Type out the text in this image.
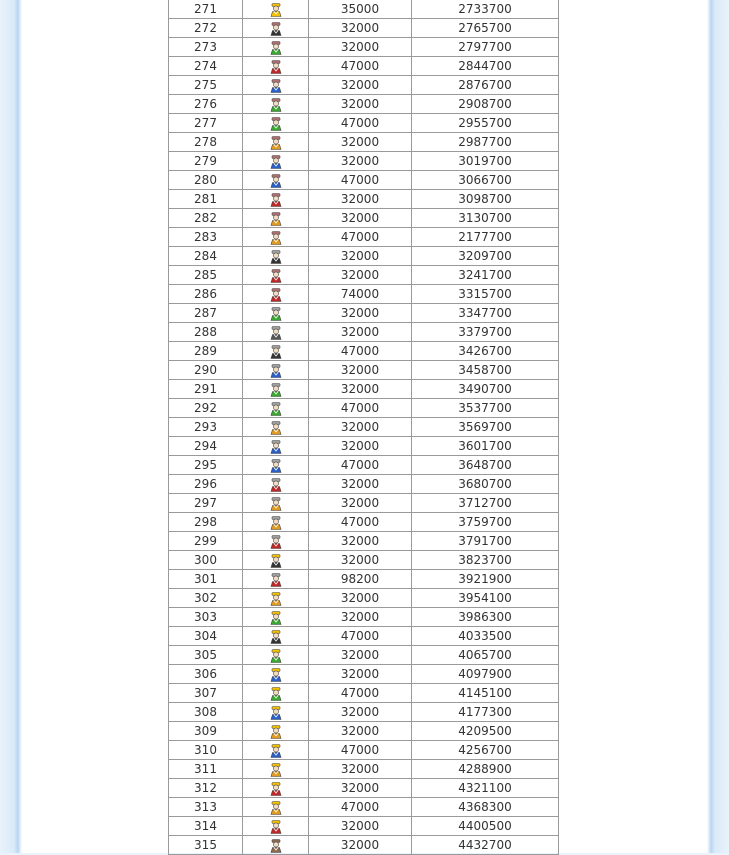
271		35000	2733700
272		32000	2765700
273		32000	2797700
274		47000	2844700
275		32000	2876700
276		32000	2908700
277		47000	2955700
278		32000	2987700
279		32000	3019700
280		47000	3066700
281		32000	3098700
282		32000	3130700
283		47000	2177700
284		32000	3209700
285		32000	3241700
286		74000	3315700
287		32000	3347700
288		32000	3379700
289		47000	3426700
290		32000	3458700
291		32000	3490700
292		47000	3537700
293		32000	3569700
294		32000	3601700
295		47000	3648700
296		32000	3680700
297		32000	3712700
298		47000	3759700
299		32000	3791700
300		32000	3823700
301		98200	3921900
302		32000	3954100
303		32000	3986300
304		47000	4033500
305		32000	4065700
306		32000	4097900
307		47000	4145100
308		32000	4177300
309		32000	4209500
310		47000	4256700
311		32000	4288900
312		32000	4321100
313		47000	4368300
314		32000	4400500
315		32000	4432700
